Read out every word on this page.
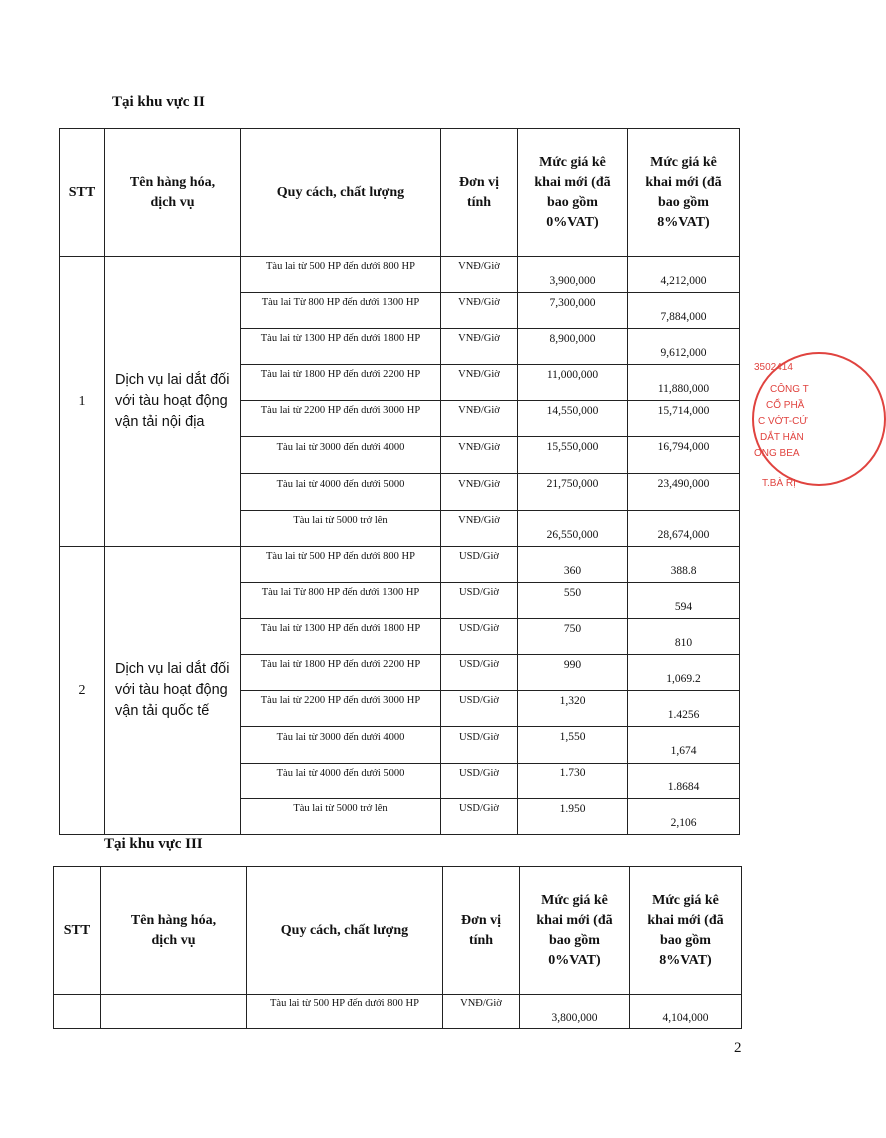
Tại khu vực II
STT	Tên hàng hóa, dịch vụ	Quy cách, chất lượng	Đơn vị tính	Mức giá kê khai mới (đã bao gồm 0%VAT)	Mức giá kê khai mới (đã bao gồm 8%VAT)
1	Dịch vụ lai dắt đối với tàu hoạt động vận tải nội địa	Tàu lai từ 500 HP đến dưới 800 HP	VNĐ/Giờ	3,900,000	4,212,000
		Tàu lai Từ 800 HP đến dưới 1300 HP	VNĐ/Giờ	7,300,000	7,884,000
		Tàu lai từ 1300 HP đến dưới 1800 HP	VNĐ/Giờ	8,900,000	9,612,000
		Tàu lai từ 1800 HP đến dưới 2200 HP	VNĐ/Giờ	11,000,000	11,880,000
		Tàu lai từ 2200 HP đến dưới 3000 HP	VNĐ/Giờ	14,550,000	15,714,000
		Tàu lai từ 3000 đến dưới 4000	VNĐ/Giờ	15,550,000	16,794,000
		Tàu lai từ 4000 đến dưới 5000	VNĐ/Giờ	21,750,000	23,490,000
		Tàu lai từ 5000 trở lên	VNĐ/Giờ	26,550,000	28,674,000
2	Dịch vụ lai dắt đối với tàu hoạt động vận tải quốc tế	Tàu lai từ 500 HP đến dưới 800 HP	USD/Giờ	360	388.8
		Tàu lai Từ 800 HP đến dưới 1300 HP	USD/Giờ	550	594
		Tàu lai từ 1300 HP đến dưới 1800 HP	USD/Giờ	750	810
		Tàu lai từ 1800 HP đến dưới 2200 HP	USD/Giờ	990	1,069.2
		Tàu lai từ 2200 HP đến dưới 3000 HP	USD/Giờ	1,320	1.4256
		Tàu lai từ 3000 đến dưới 4000	USD/Giờ	1,550	1,674
		Tàu lai từ 4000 đến dưới 5000	USD/Giờ	1.730	1.8684
		Tàu lai từ 5000 trở lên	USD/Giờ	1.950	2,106
Tại khu vực III
STT	Tên hàng hóa, dịch vụ	Quy cách, chất lượng	Đơn vị tính	Mức giá kê khai mới (đã bao gồm 0%VAT)	Mức giá kê khai mới (đã bao gồm 8%VAT)
		Tàu lai từ 500 HP đến dưới 800 HP	VNĐ/Giờ	3,800,000	4,104,000
2
3502414
CÔNG T
CỔ PHẦ
C VỚT-CỨ
DẮT HÀN
ONG BEA
T.BÀ RỊ
